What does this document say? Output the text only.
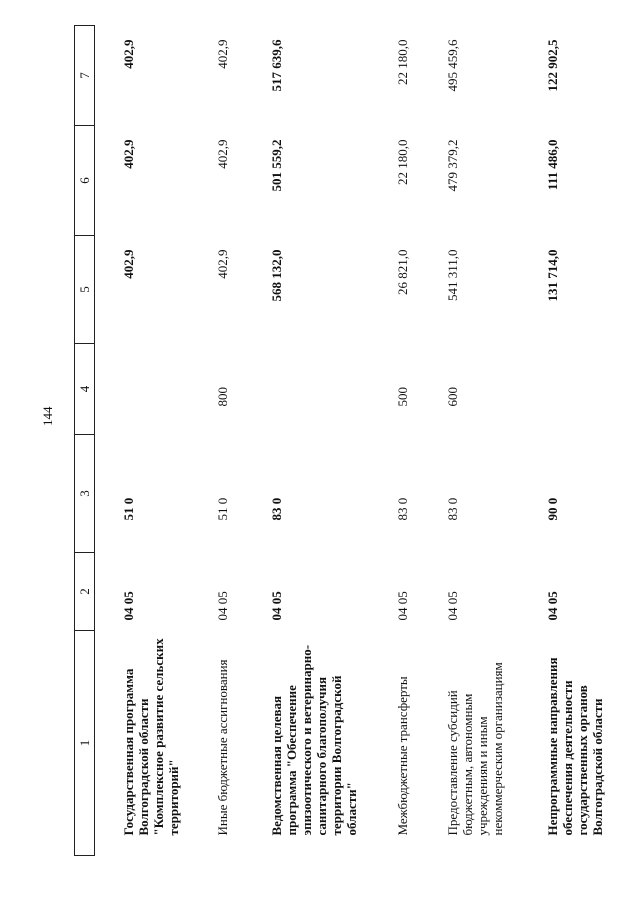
144
1	2	3	4	5	6	7
Государственная программа Волгоградской области "Комплексное развитие сельских территорий"	04 05	51 0		402,9	402,9	402,9
Иные бюджетные ассигнования	04 05	51 0	800	402,9	402,9	402,9
Ведомственная целевая программа "Обеспечение эпизоотического и ветеринарно-санитарного благополучия территории Волгоградской области"	04 05	83 0		568 132,0	501 559,2	517 639,6
Межбюджетные трансферты	04 05	83 0	500	26 821,0	22 180,0	22 180,0
Предоставление субсидий бюджетным, автономным учреждениям и иным некоммерческим организациям	04 05	83 0	600	541 311,0	479 379,2	495 459,6
Непрограммные направления обеспечения деятельности государственных органов Волгоградской области	04 05	90 0		131 714,0	111 486,0	122 902,5
